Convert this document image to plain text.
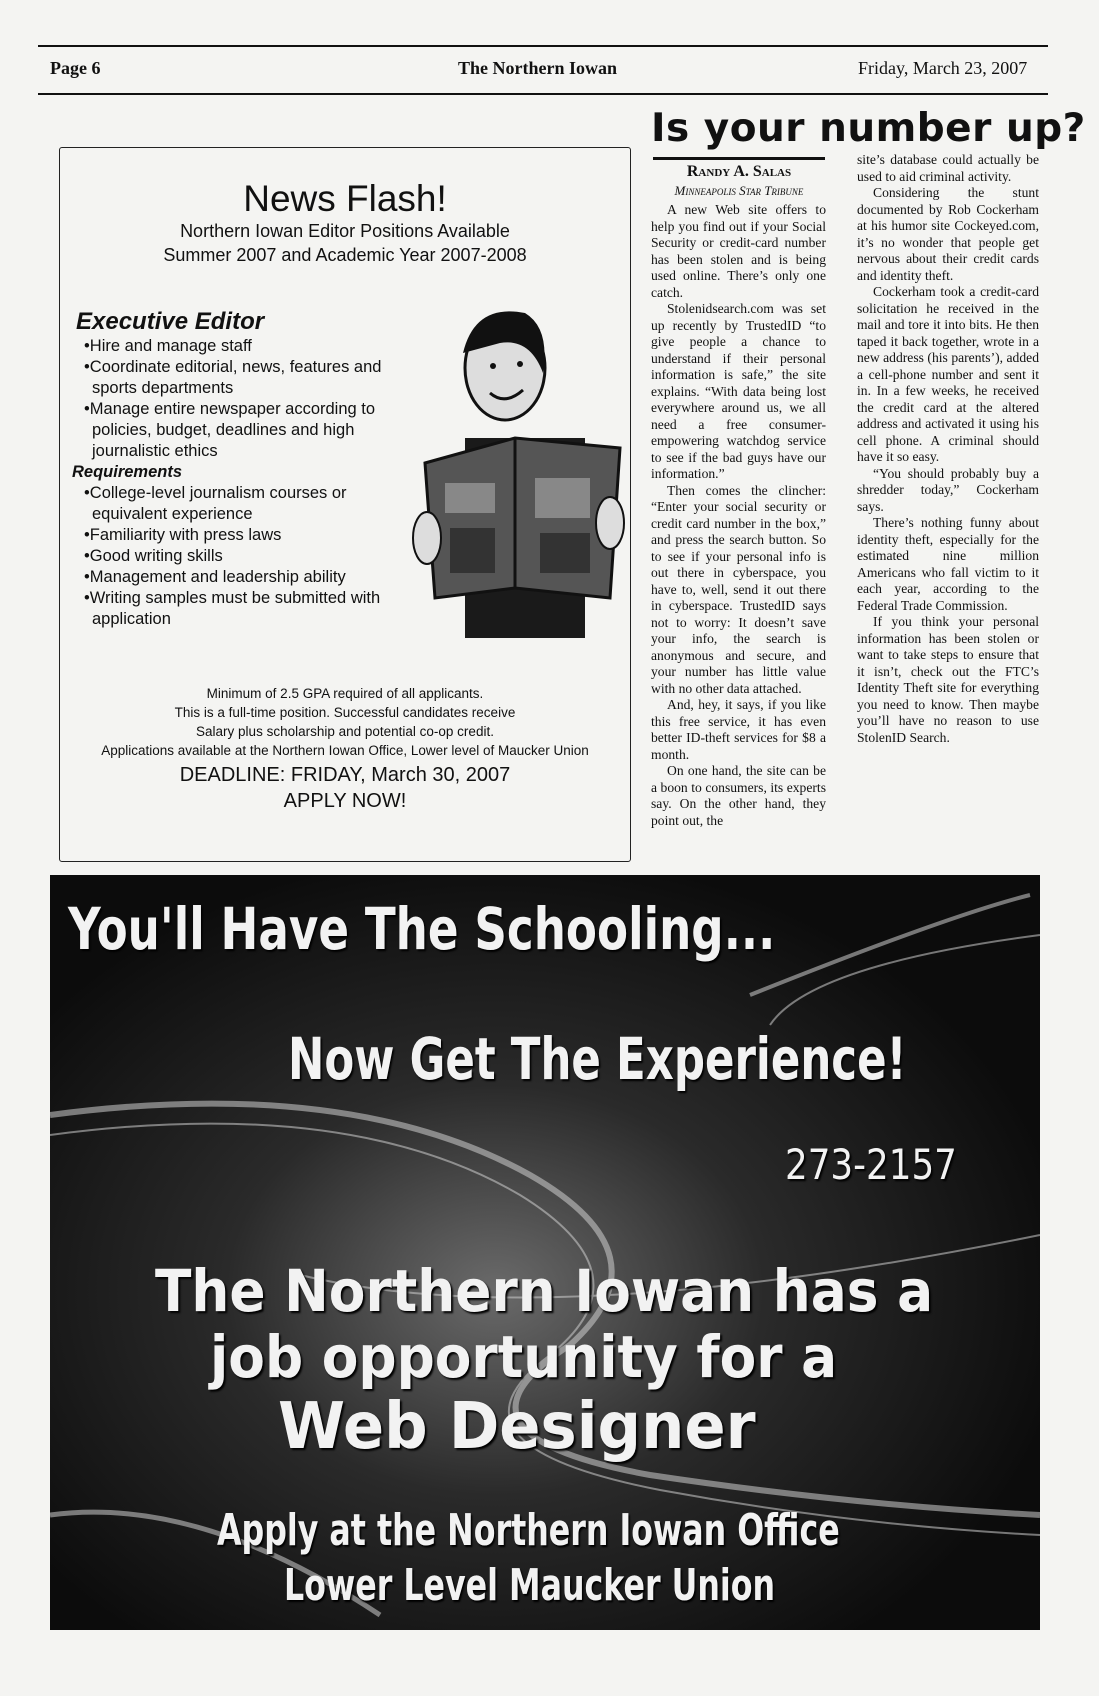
Page 6	The Northern Iowan	Friday, March 23, 2007
News Flash!
Northern Iowan Editor Positions Available
Summer 2007 and Academic Year 2007-2008
Executive Editor
•Hire and manage staff
•Coordinate editorial, news, features and sports departments
•Manage entire newspaper according to policies, budget, deadlines and high journalistic ethics
Requirements
•College-level journalism courses or equivalent experience
•Familiarity with press laws
•Good writing skills
•Management and leadership ability
•Writing samples must be submitted with application
Minimum of 2.5 GPA required of all applicants.
This is a full-time position. Successful candidates receive
Salary plus scholarship and potential co-op credit.
Applications available at the Northern Iowan Office, Lower level of Maucker Union
DEADLINE: FRIDAY, March 30, 2007
APPLY NOW!
Is your number up?
Randy A. Salas
Minneapolis Star Tribune

A new Web site offers to help you find out if your Social Security or credit-card number has been stolen and is being used online. There’s only one catch.

Stolenidsearch.com was set up recently by TrustedID “to give people a chance to understand if their personal information is safe,” the site explains. “With data being lost everywhere around us, we all need a free consumer-empowering watchdog service to see if the bad guys have our information.”

Then comes the clincher: “Enter your social security or credit card number in the box,” and press the search button. So to see if your personal info is out there in cyberspace, you have to, well, send it out there in cyberspace. TrustedID says not to worry: It doesn’t save your info, the search is anonymous and secure, and your number has little value with no other data attached.

And, hey, it says, if you like this free service, it has even better ID-theft services for $8 a month.

On one hand, the site can be a boon to consumers, its experts say. On the other hand, they point out, the

site’s database could actually be used to aid criminal activity.

Considering the stunt documented by Rob Cockerham at his humor site Cockeyed.com, it’s no wonder that people get nervous about their credit cards and identity theft.

Cockerham took a credit-card solicitation he received in the mail and tore it into bits. He then taped it back together, wrote in a new address (his parents’), added a cell-phone number and sent it in. In a few weeks, he received the credit card at the altered address and activated it using his cell phone. A criminal should have it so easy.

“You should probably buy a shredder today,” Cockerham says.

There’s nothing funny about identity theft, especially for the estimated nine million Americans who fall victim to it each year, according to the Federal Trade Commission.

If you think your personal information has been stolen or want to take steps to ensure that it isn’t, check out the FTC’s Identity Theft site for everything you need to know. Then maybe you’ll have no reason to use StolenID Search.

You'll Have The Schooling...
Now Get The Experience!
273-2157
The Northern Iowan has a
job opportunity for a
Web Designer
Apply at the Northern Iowan Office
Lower Level Maucker Union
